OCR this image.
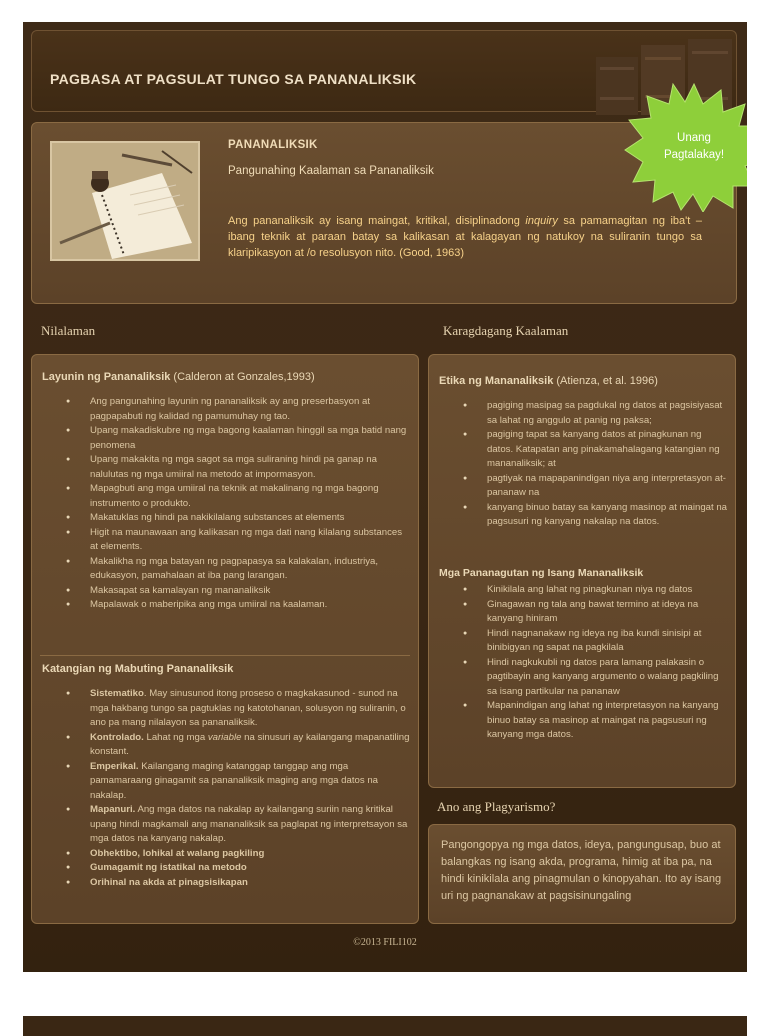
PAGBASA AT PAGSULAT TUNGO SA PANANALIKSIK
PANANALIKSIK
Pangunahing Kaalaman sa Pananaliksik
Ang pananaliksik ay isang maingat, kritikal, disiplinadong inquiry sa pamamagitan ng iba't – ibang teknik at paraan batay sa kalikasan at kalagayan ng natukoy na suliranin tungo sa klaripikasyon at /o resolusyon nito. (Good, 1963)
Unang
Pagtalakay!
Nilalaman	Karagdagang Kaalaman
Layunin ng Pananaliksik (Calderon at Gonzales,1993)
● Ang pangunahing layunin ng pananaliksik ay ang preserbasyon at pagpapabuti ng kalidad ng pamumuhay ng tao.
● Upang makadiskubre ng mga bagong kaalaman hinggil sa mga batid nang penomena
● Upang makakita ng mga sagot sa mga suliraning hindi pa ganap na nalulutas ng mga umiiral na metodo at impormasyon.
● Mapagbuti ang mga umiiral na teknik at makalinang ng mga bagong instrumento o produkto.
● Makatuklas ng hindi pa nakikilalang substances at elements
● Higit na maunawaan ang kalikasan ng mga dati nang kilalang substances at elements.
● Makalikha ng mga batayan ng pagpapasya sa kalakalan, industriya, edukasyon, pamahalaan at iba pang larangan.
● Makasapat sa kamalayan ng mananaliksik
● Mapalawak o maberipika ang mga umiiral na kaalaman.
Katangian ng Mabuting Pananaliksik
● Sistematiko. May sinusunod itong proseso o magkakasunod - sunod na mga hakbang tungo sa pagtuklas ng katotohanan, solusyon ng suliranin, o ano pa mang nilalayon sa pananaliksik.
● Kontrolado. Lahat ng mga variable na sinusuri ay kailangang mapanatiling konstant.
● Emperikal. Kailangang maging katanggap tanggap ang mga pamamaraang ginagamit sa pananaliksik maging ang mga datos na nakalap.
● Mapanuri. Ang mga datos na nakalap ay kailangang suriin nang kritikal upang hindi magkamali ang mananaliksik sa paglapat ng interpretsayon sa mga datos na kanyang nakalap.
● Obhektibo, lohikal at walang pagkiling
● Gumagamit ng istatikal na metodo
● Orihinal na akda at pinagsisikapan
Etika ng Mananaliksik (Atienza, et al. 1996)
● pagiging masipag sa pagdukal ng datos at pagsisiyasat sa lahat ng anggulo at panig ng paksa;
● pagiging tapat sa kanyang datos at pinagkunan ng datos. Katapatan ang pinakamahalagang katangian ng mananaliksik; at
● pagtiyak na mapapanindigan niya ang interpretasyon at- pananaw na
● kanyang binuo batay sa kanyang masinop at maingat na pagsusuri ng kanyang nakalap na datos.
Mga Pananagutan ng Isang Mananaliksik
● Kinikilala ang lahat ng pinagkunan niya ng datos
● Ginagawan ng tala ang bawat termino at ideya na kanyang hiniram
● Hindi nagnanakaw ng ideya ng iba kundi sinisipi at binibigyan ng sapat na pagkilala
● Hindi nagkukubli ng datos para lamang palakasin o pagtibayin ang kanyang argumento o walang pagkiling sa isang partikular na pananaw
● Mapanindigan ang lahat ng interpretasyon na kanyang binuo batay sa masinop at maingat na pagsusuri ng kanyang mga datos.
Ano ang Plagyarismo?
Pangongopya ng mga datos, ideya, pangungusap, buo at balangkas ng isang akda, programa, himig at iba pa, na hindi kinikilala ang pinagmulan o kinopyahan. Ito ay isang uri ng pagnanakaw at pagsisinungaling
©2013 FILI102
